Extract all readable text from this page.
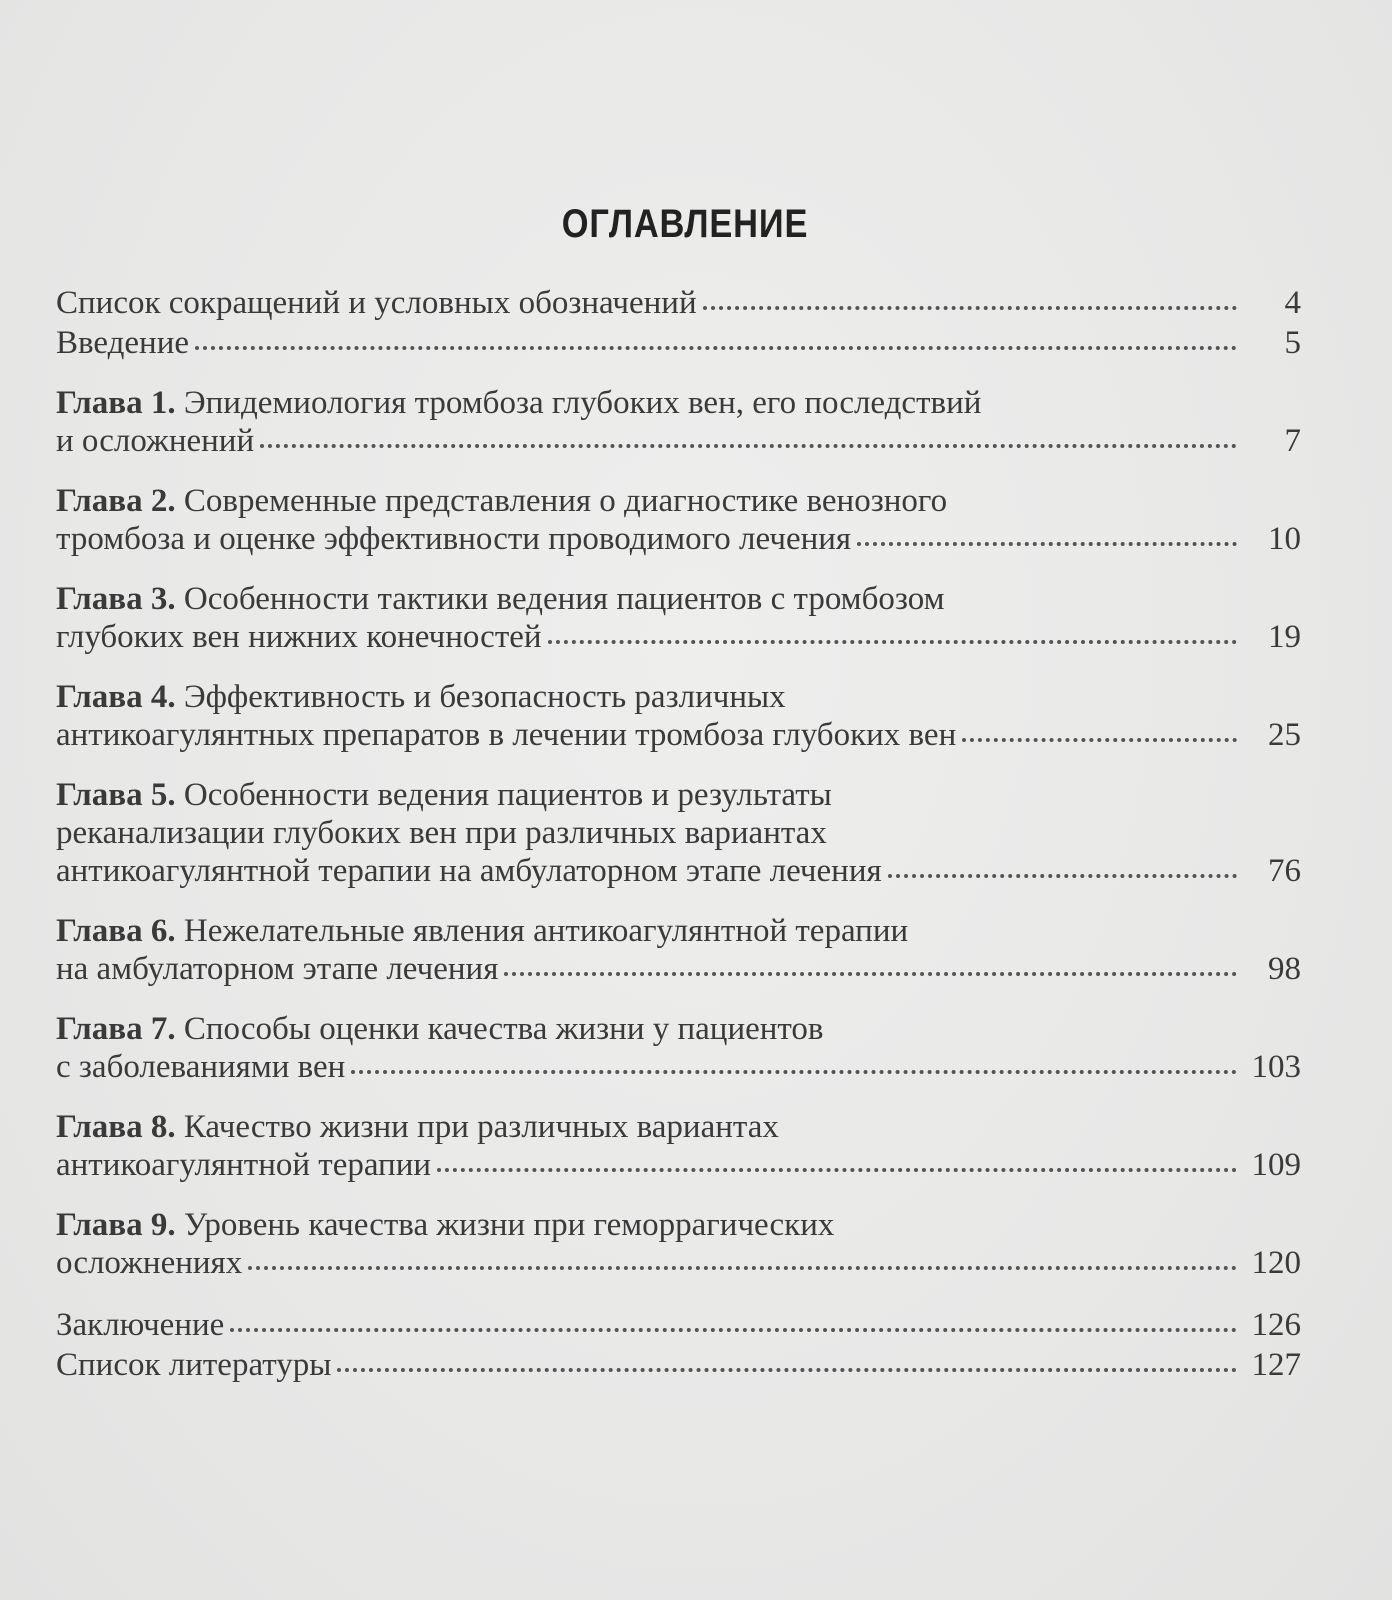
ОГЛАВЛЕНИЕ
Список сокращений и условных обозначений	4
Введение	5
Глава 1.
Эпидемиология тромбоза глубоких вен, его последствий
и осложнений	7
Глава 2.
Современные представления о диагностике венозного
тромбоза и оценке эффективности проводимого лечения	10
Глава 3.
Особенности тактики ведения пациентов с тромбозом
глубоких вен нижних конечностей	19
Глава 4.
Эффективность и безопасность различных
антикоагулянтных препаратов в лечении тромбоза глубоких вен	25
Глава 5.
Особенности ведения пациентов и результаты
реканализации глубоких вен при различных вариантах
антикоагулянтной терапии на амбулаторном этапе лечения	76
Глава 6.
Нежелательные явления антикоагулянтной терапии
на амбулаторном этапе лечения	98
Глава 7.
Способы оценки качества жизни у пациентов
с заболеваниями вен	103
Глава 8.
Качество жизни при различных вариантах
антикоагулянтной терапии	109
Глава 9.
Уровень качества жизни при геморрагических
осложнениях	120
Заключение	126
Список литературы	127
